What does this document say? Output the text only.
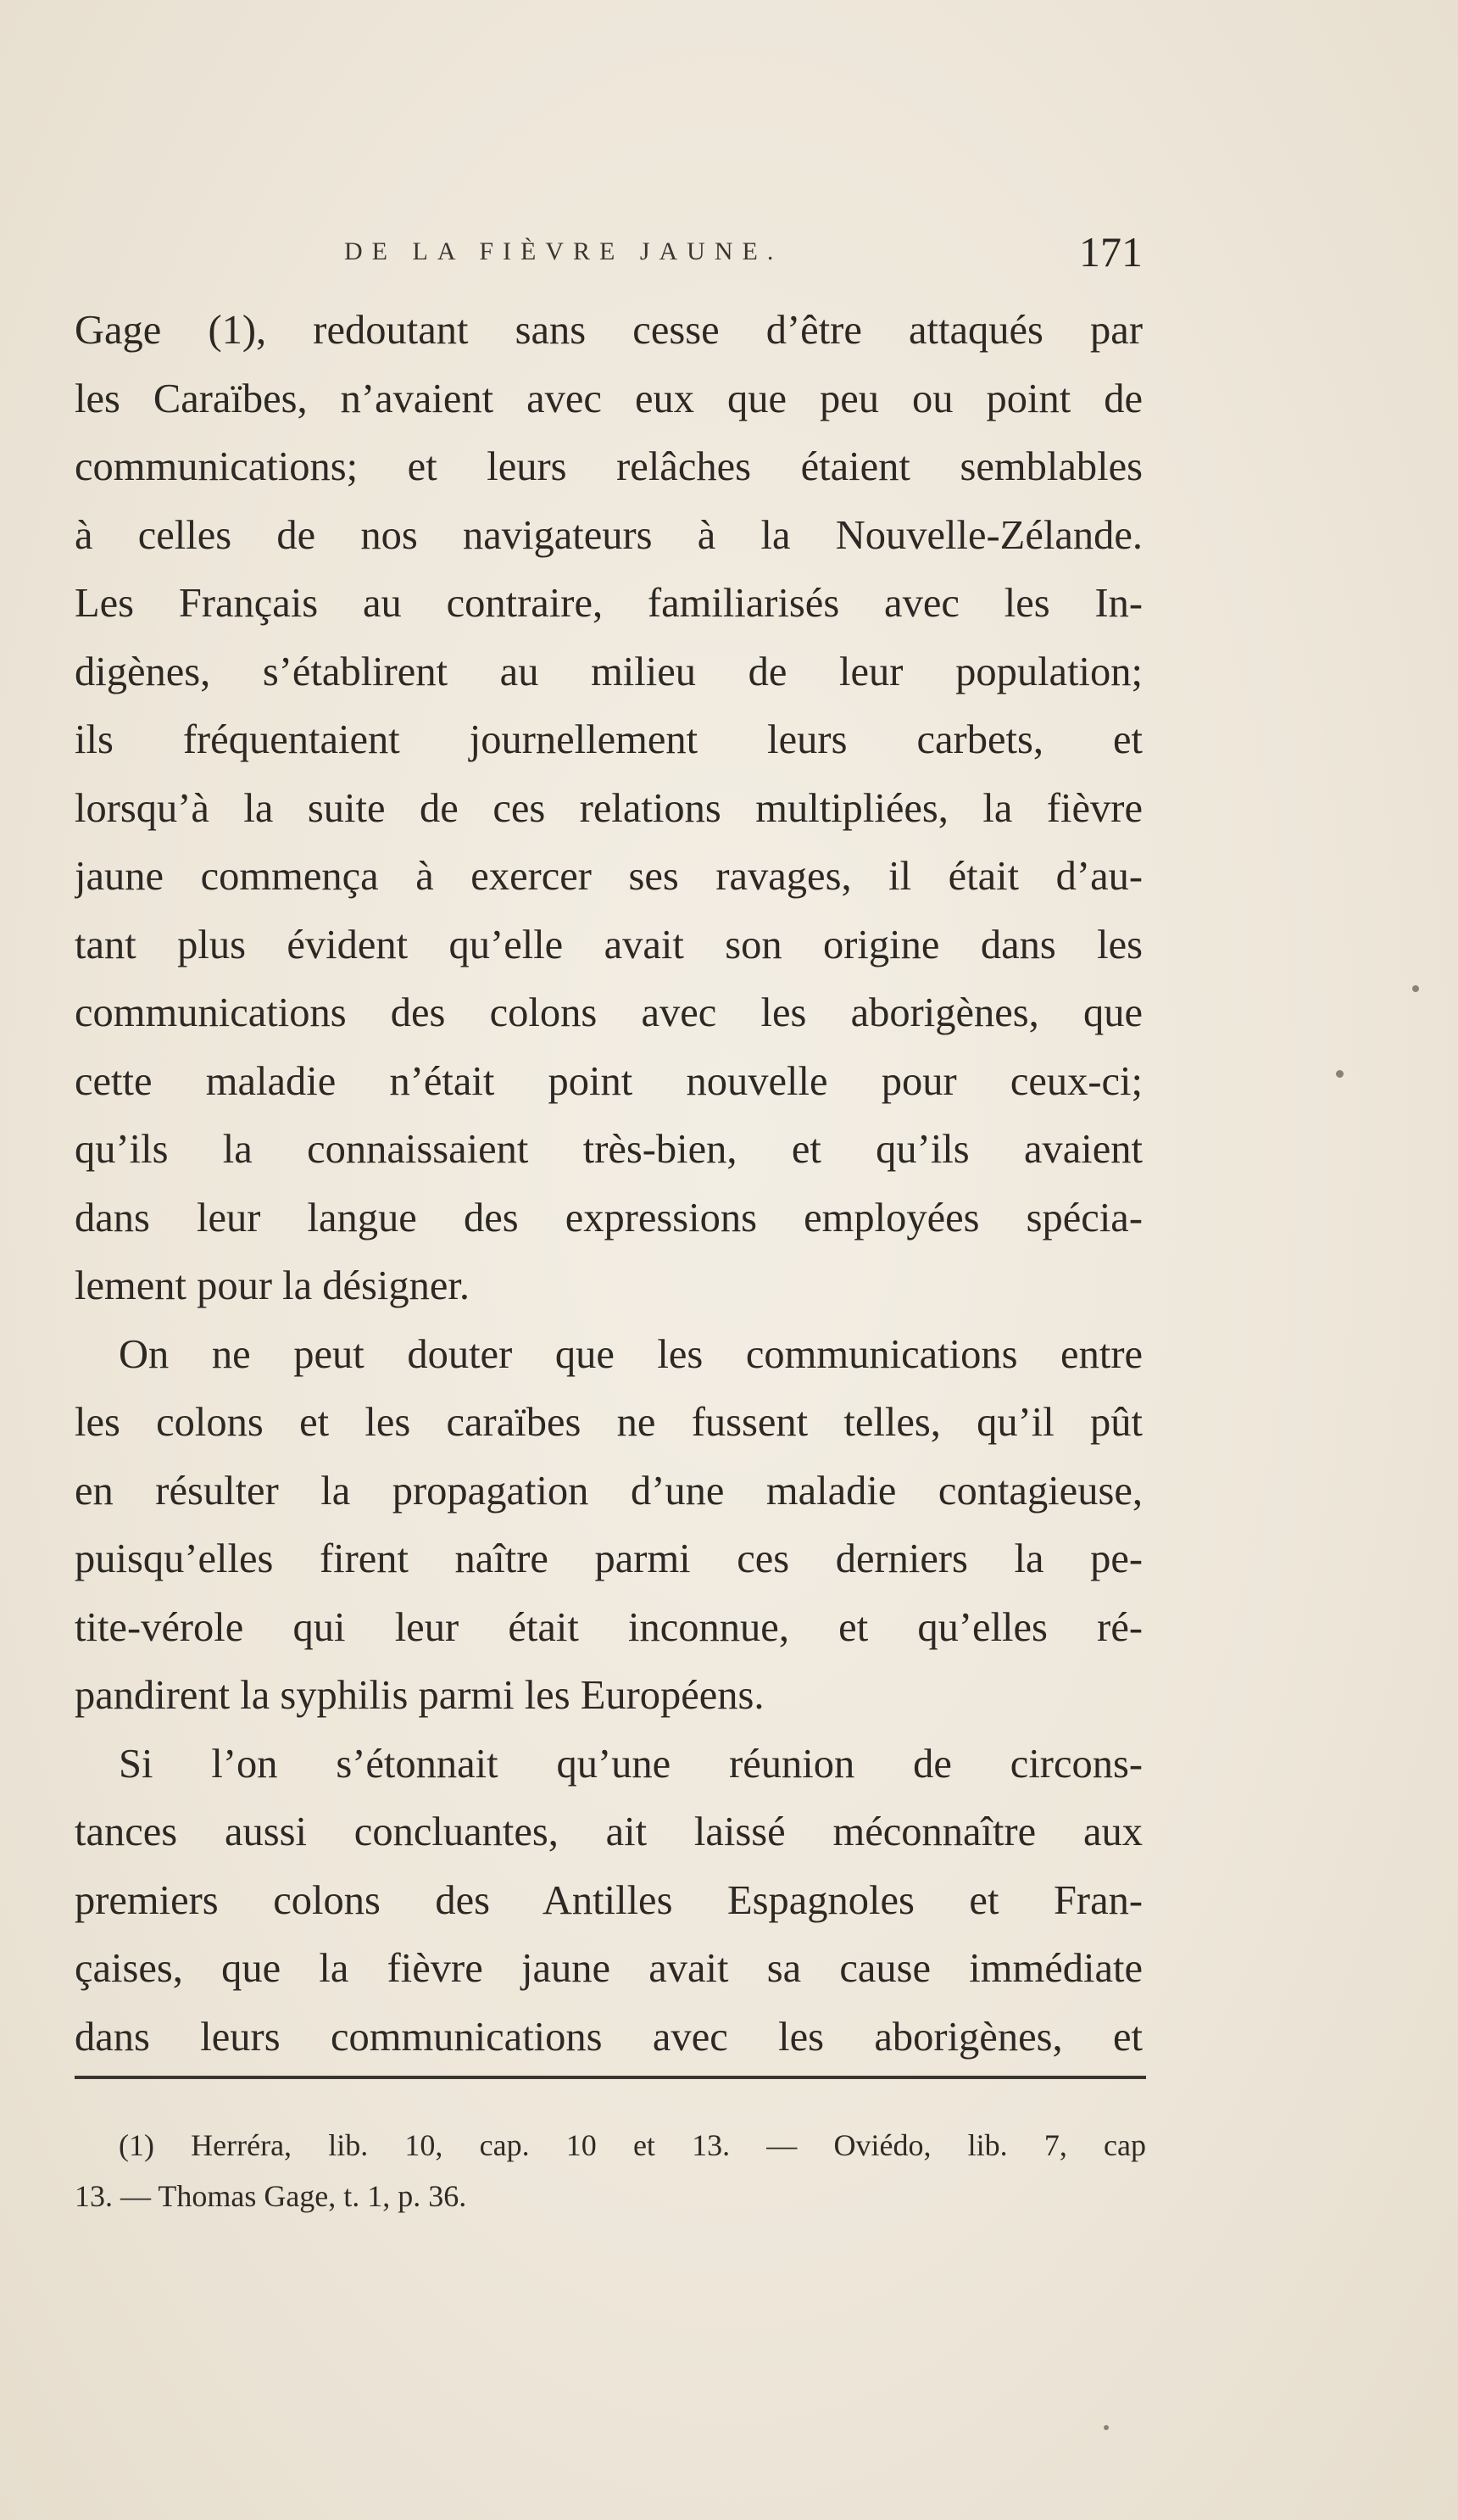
DE LA FIÈVRE JAUNE.	171
Gage (1), redoutant sans cesse d’être attaqués par
les Caraïbes, n’avaient avec eux que peu ou point de
communications; et leurs relâches étaient semblables
à celles de nos navigateurs à la Nouvelle-Zélande.
Les Français au contraire, familiarisés avec les In-
digènes, s’établirent au milieu de leur population;
ils fréquentaient journellement leurs carbets, et
lorsqu’à la suite de ces relations multipliées, la fièvre
jaune commença à exercer ses ravages, il était d’au-
tant plus évident qu’elle avait son origine dans les
communications des colons avec les aborigènes, que
cette maladie n’était point nouvelle pour ceux-ci;
qu’ils la connaissaient très-bien, et qu’ils avaient
dans leur langue des expressions employées spécia-
lement pour la désigner.
On ne peut douter que les communications entre
les colons et les caraïbes ne fussent telles, qu’il pût
en résulter la propagation d’une maladie contagieuse,
puisqu’elles firent naître parmi ces derniers la pe-
tite-vérole qui leur était inconnue, et qu’elles ré-
pandirent la syphilis parmi les Européens.
Si l’on s’étonnait qu’une réunion de circons-
tances aussi concluantes, ait laissé méconnaître aux
premiers colons des Antilles Espagnoles et Fran-
çaises, que la fièvre jaune avait sa cause immédiate
dans leurs communications avec les aborigènes, et
(1) Herréra, lib. 10, cap. 10 et 13. — Oviédo, lib. 7, cap
13. — Thomas Gage, t. 1, p. 36.
